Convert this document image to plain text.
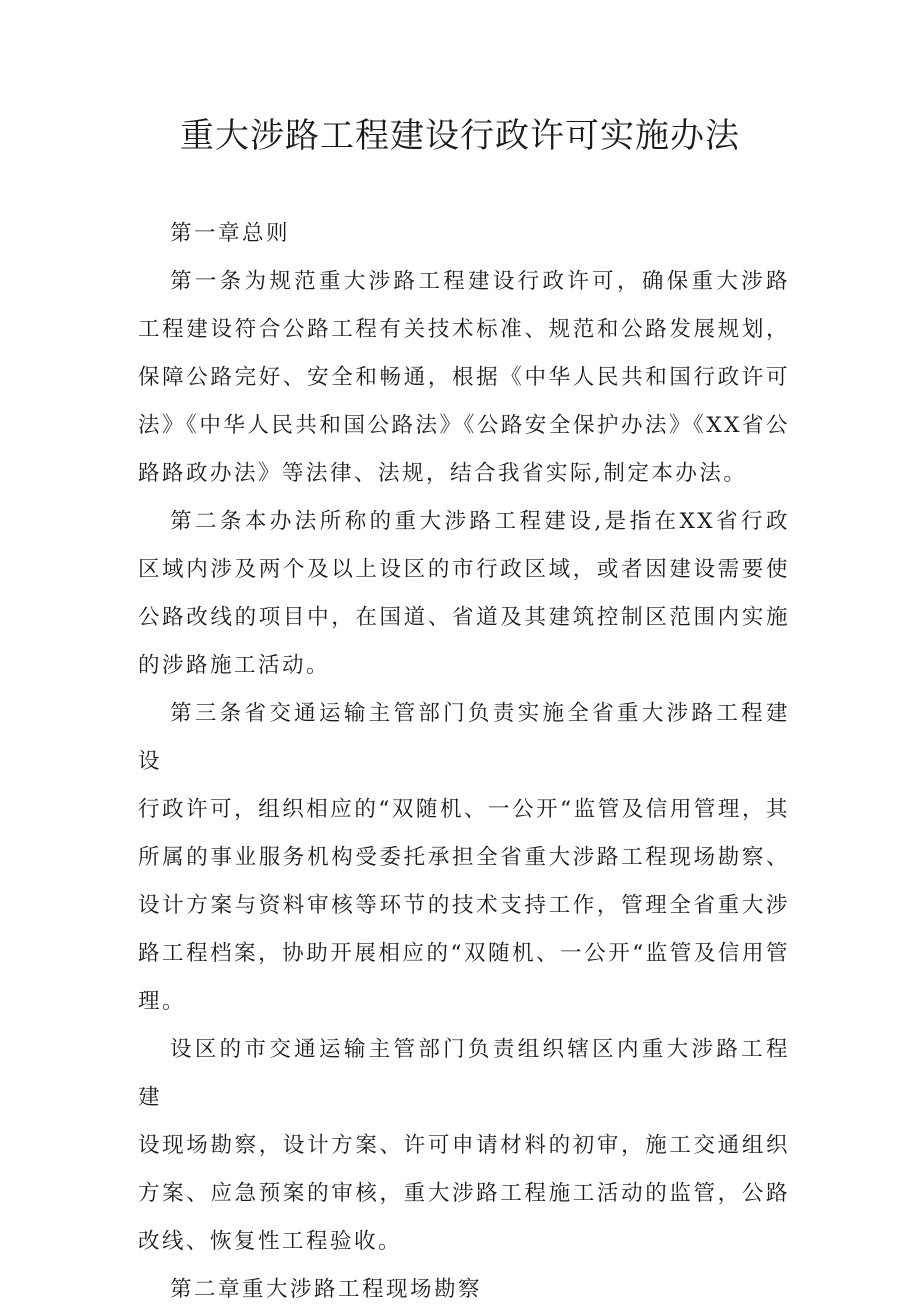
重大涉路工程建设行政许可实施办法

第一章总则

第一条为规范重大涉路工程建设行政许可，确保重大涉路工程建设符合公路工程有关技术标准、规范和公路发展规划，保障公路完好、安全和畅通，根据《中华人民共和国行政许可法》《中华人民共和国公路法》《公路安全保护办法》《XX省公路路政办法》等法律、法规，结合我省实际,制定本办法。

第二条本办法所称的重大涉路工程建设,是指在XX省行政区域内涉及两个及以上设区的市行政区域，或者因建设需要使公路改线的项目中，在国道、省道及其建筑控制区范围内实施的涉路施工活动。

第三条省交通运输主管部门负责实施全省重大涉路工程建设

行政许可，组织相应的“双随机、一公开“监管及信用管理，其所属的事业服务机构受委托承担全省重大涉路工程现场勘察、设计方案与资料审核等环节的技术支持工作，管理全省重大涉路工程档案，协助开展相应的“双随机、一公开“监管及信用管理。

设区的市交通运输主管部门负责组织辖区内重大涉路工程建

设现场勘察，设计方案、许可申请材料的初审，施工交通组织方案、应急预案的审核，重大涉路工程施工活动的监管，公路改线、恢复性工程验收。

第二章重大涉路工程现场勘察
